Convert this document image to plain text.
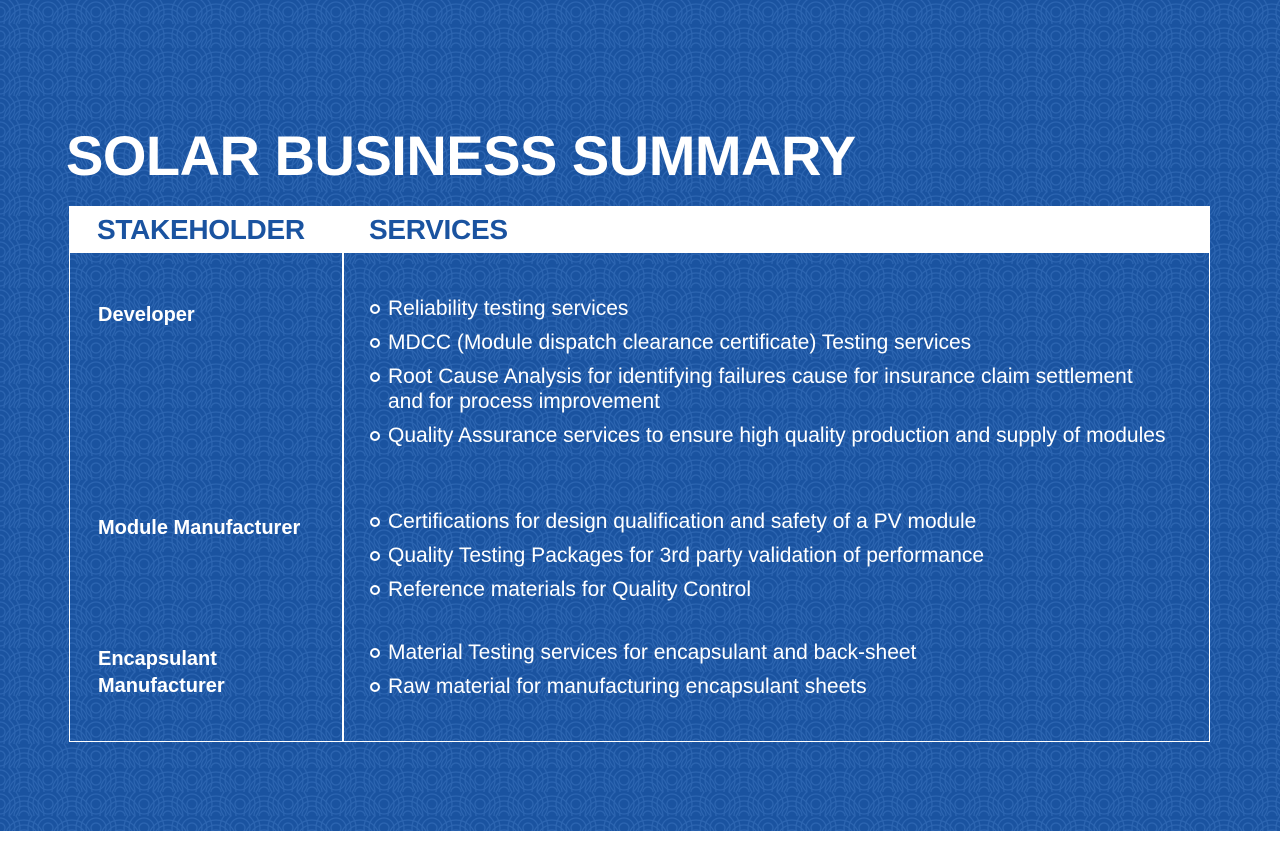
SOLAR BUSINESS SUMMARY
STAKEHOLDER SERVICES
Developer	Reliability testing services
MDCC (Module dispatch clearance certificate) Testing services
Root Cause Analysis for identifying failures cause for insurance claim settlement and for process improvement
Quality Assurance services to ensure high quality production and supply of modules
Module Manufacturer	Certifications for design qualification and safety of a PV module
Quality Testing Packages for 3rd party validation of performance
Reference materials for Quality Control
Encapsulant Manufacturer
Material Testing services for encapsulant and back-sheet
Raw material for manufacturing encapsulant sheets
